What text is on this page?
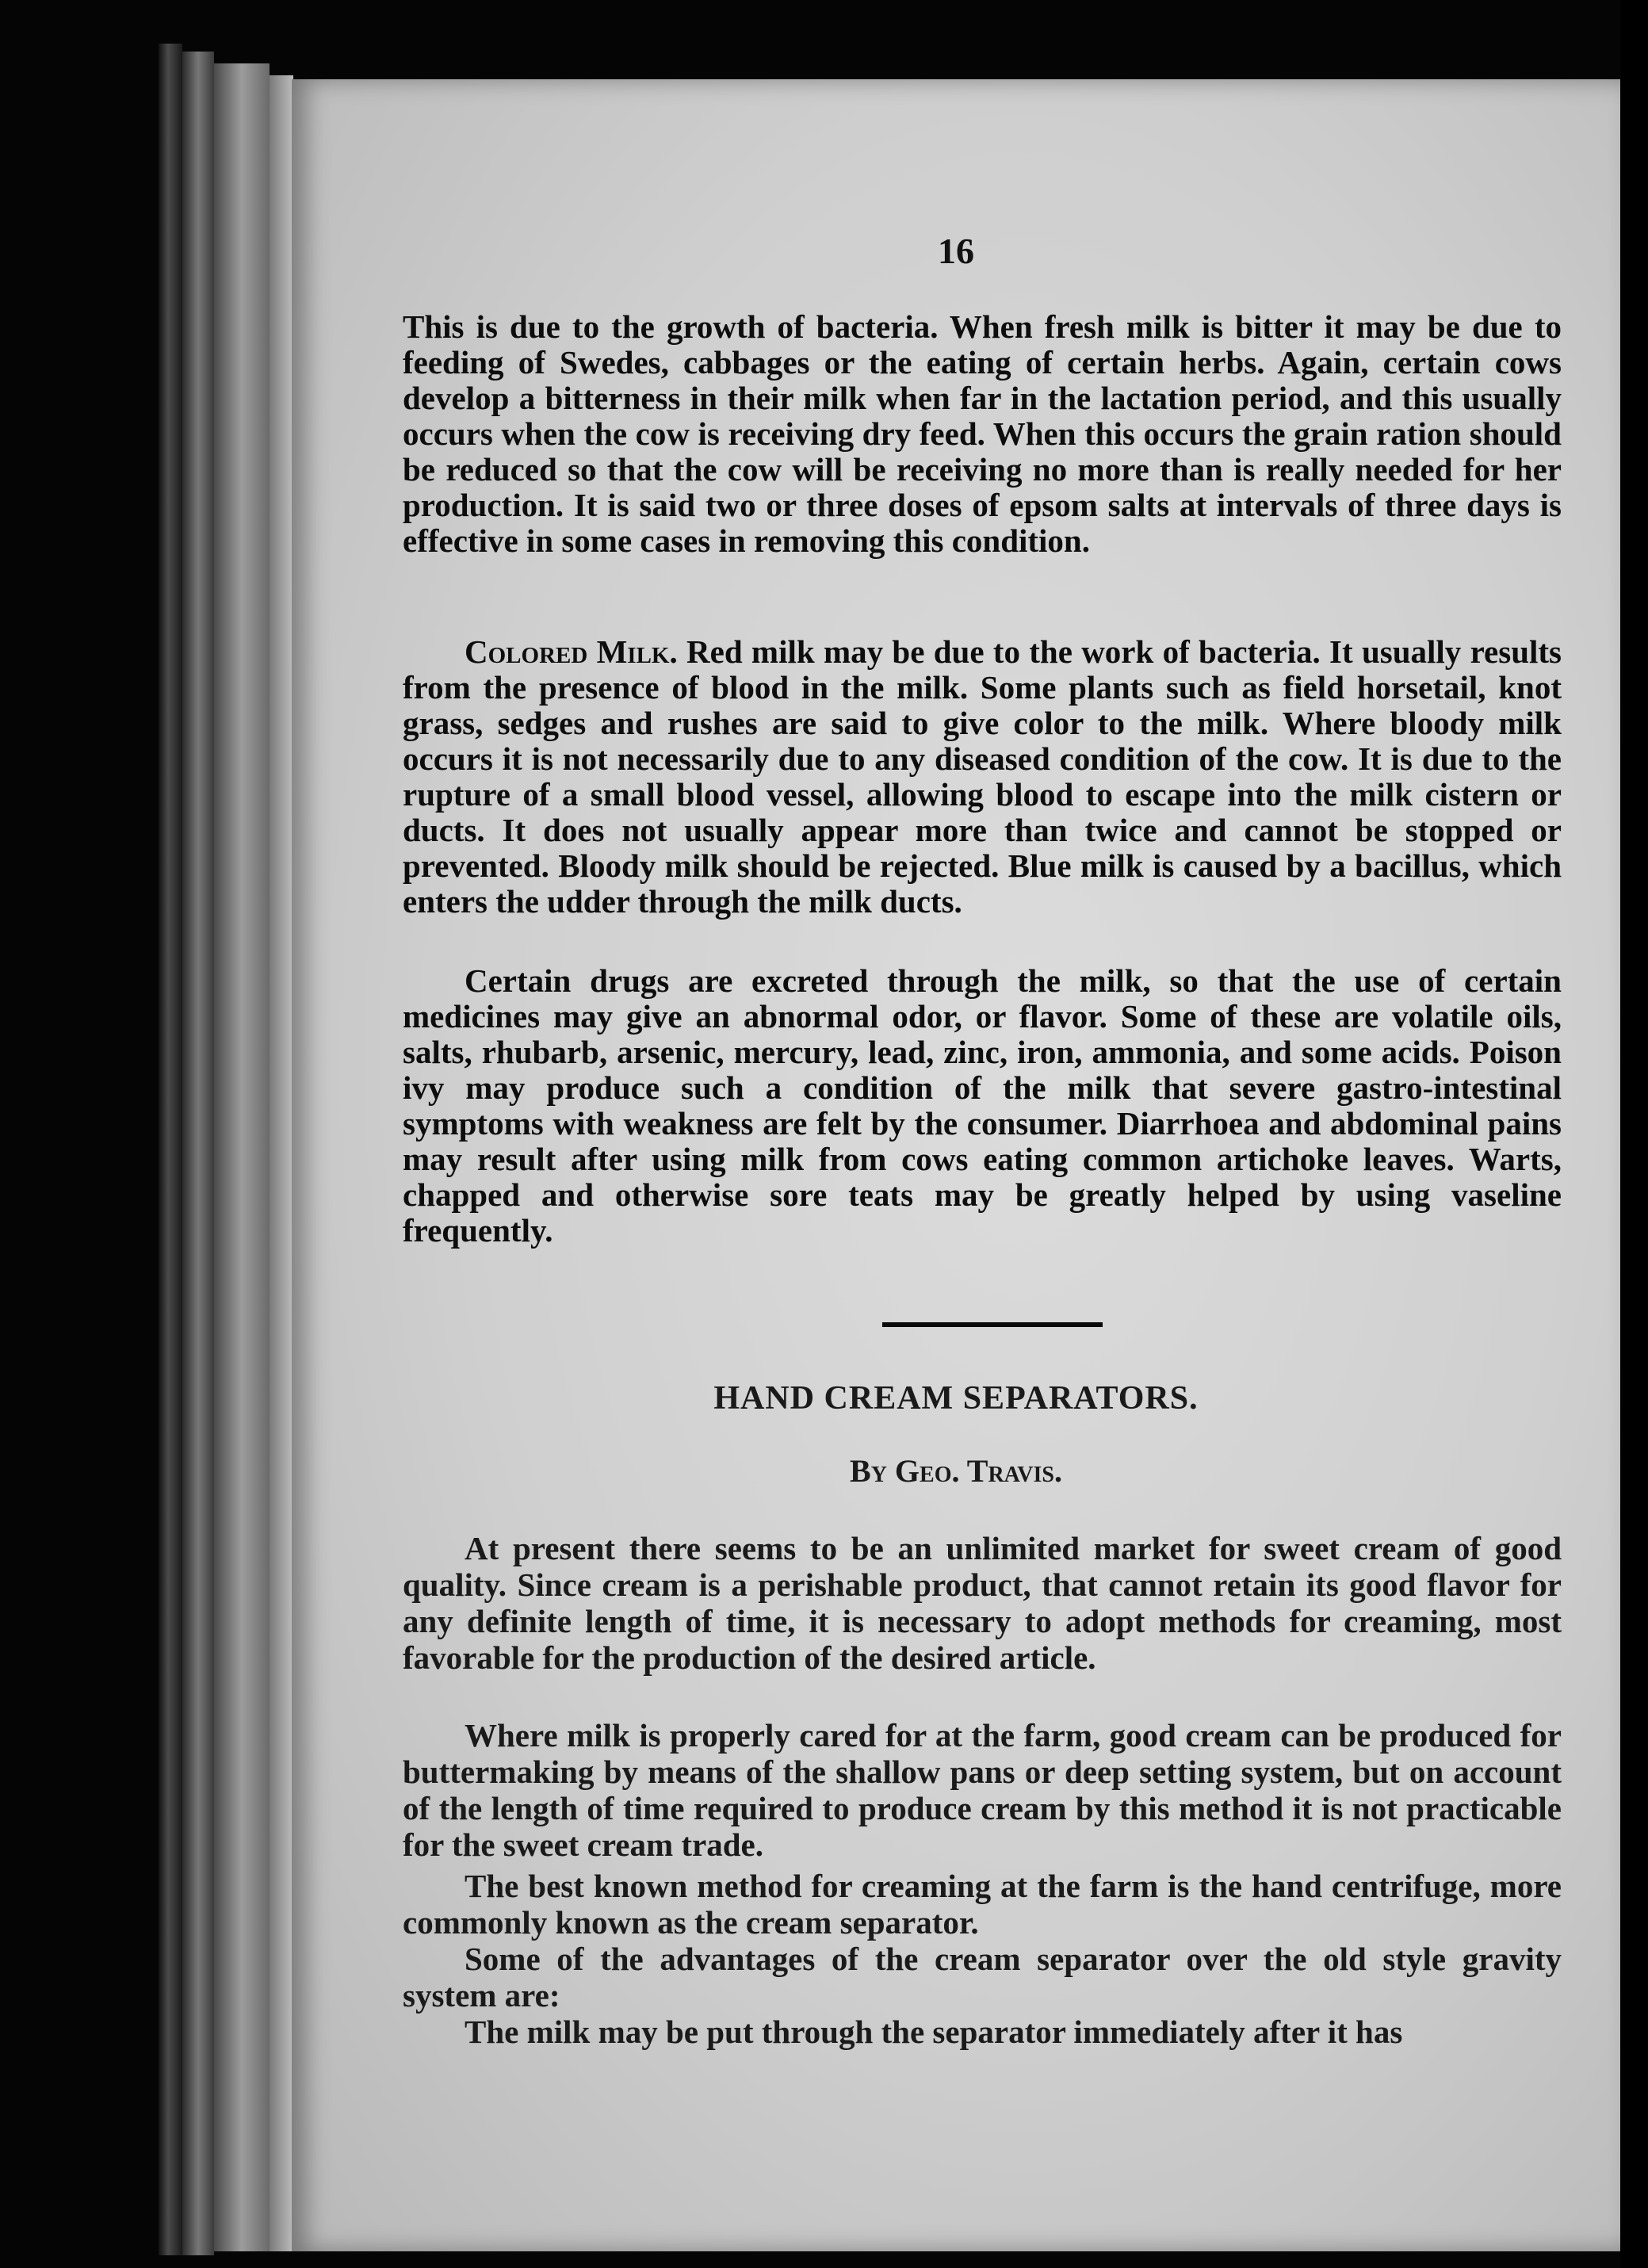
16

This is due to the growth of bacteria. When fresh milk is bitter it may be due to feeding of Swedes, cabbages or the eating of certain herbs. Again, certain cows develop a bitterness in their milk when far in the lactation period, and this usually occurs when the cow is receiving dry feed. When this occurs the grain ration should be reduced so that the cow will be receiving no more than is really needed for her production. It is said two or three doses of epsom salts at intervals of three days is effective in some cases in removing this condition.

Colored Milk. Red milk may be due to the work of bacteria. It usually results from the presence of blood in the milk. Some plants such as field horsetail, knot grass, sedges and rushes are said to give color to the milk. Where bloody milk occurs it is not necessarily due to any diseased condition of the cow. It is due to the rupture of a small blood vessel, allowing blood to escape into the milk cistern or ducts. It does not usually appear more than twice and cannot be stopped or prevented. Bloody milk should be rejected. Blue milk is caused by a bacillus, which enters the udder through the milk ducts.

Certain drugs are excreted through the milk, so that the use of certain medicines may give an abnormal odor, or flavor. Some of these are volatile oils, salts, rhubarb, arsenic, mercury, lead, zinc, iron, ammonia, and some acids. Poison ivy may produce such a condition of the milk that severe gastro-intestinal symptoms with weakness are felt by the consumer. Diarrhoea and abdominal pains may result after using milk from cows eating common artichoke leaves. Warts, chapped and otherwise sore teats may be greatly helped by using vaseline frequently.

HAND CREAM SEPARATORS.
By Geo. Travis.

At present there seems to be an unlimited market for sweet cream of good quality. Since cream is a perishable product, that cannot retain its good flavor for any definite length of time, it is necessary to adopt methods for creaming, most favorable for the production of the desired article.

Where milk is properly cared for at the farm, good cream can be produced for buttermaking by means of the shallow pans or deep setting system, but on account of the length of time required to produce cream by this method it is not practicable for the sweet cream trade.

The best known method for creaming at the farm is the hand centrifuge, more commonly known as the cream separator.

Some of the advantages of the cream separator over the old style gravity system are:

The milk may be put through the separator immediately after it has
